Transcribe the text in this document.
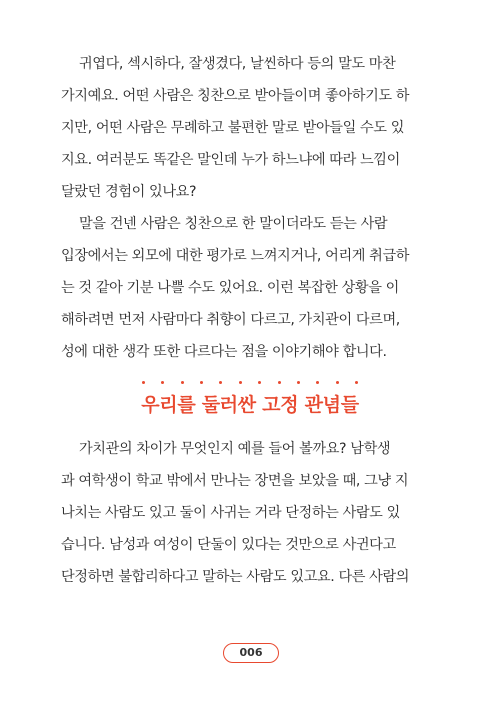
귀엽다, 섹시하다, 잘생겼다, 날씬하다 등의 말도 마찬
가지예요. 어떤 사람은 칭찬으로 받아들이며 좋아하기도 하
지만, 어떤 사람은 무례하고 불편한 말로 받아들일 수도 있
지요. 여러분도 똑같은 말인데 누가 하느냐에 따라 느낌이
달랐던 경험이 있나요?
말을 건넨 사람은 칭찬으로 한 말이더라도 듣는 사람
입장에서는 외모에 대한 평가로 느껴지거나, 어리게 취급하
는 것 같아 기분 나쁠 수도 있어요. 이런 복잡한 상황을 이
해하려면 먼저 사람마다 취향이 다르고, 가치관이 다르며,
성에 대한 생각 또한 다르다는 점을 이야기해야 합니다.
우리를 둘러싼 고정 관념들
가치관의 차이가 무엇인지 예를 들어 볼까요? 남학생
과 여학생이 학교 밖에서 만나는 장면을 보았을 때, 그냥 지
나치는 사람도 있고 둘이 사귀는 거라 단정하는 사람도 있
습니다. 남성과 여성이 단둘이 있다는 것만으로 사귄다고
단정하면 불합리하다고 말하는 사람도 있고요. 다른 사람의
006
